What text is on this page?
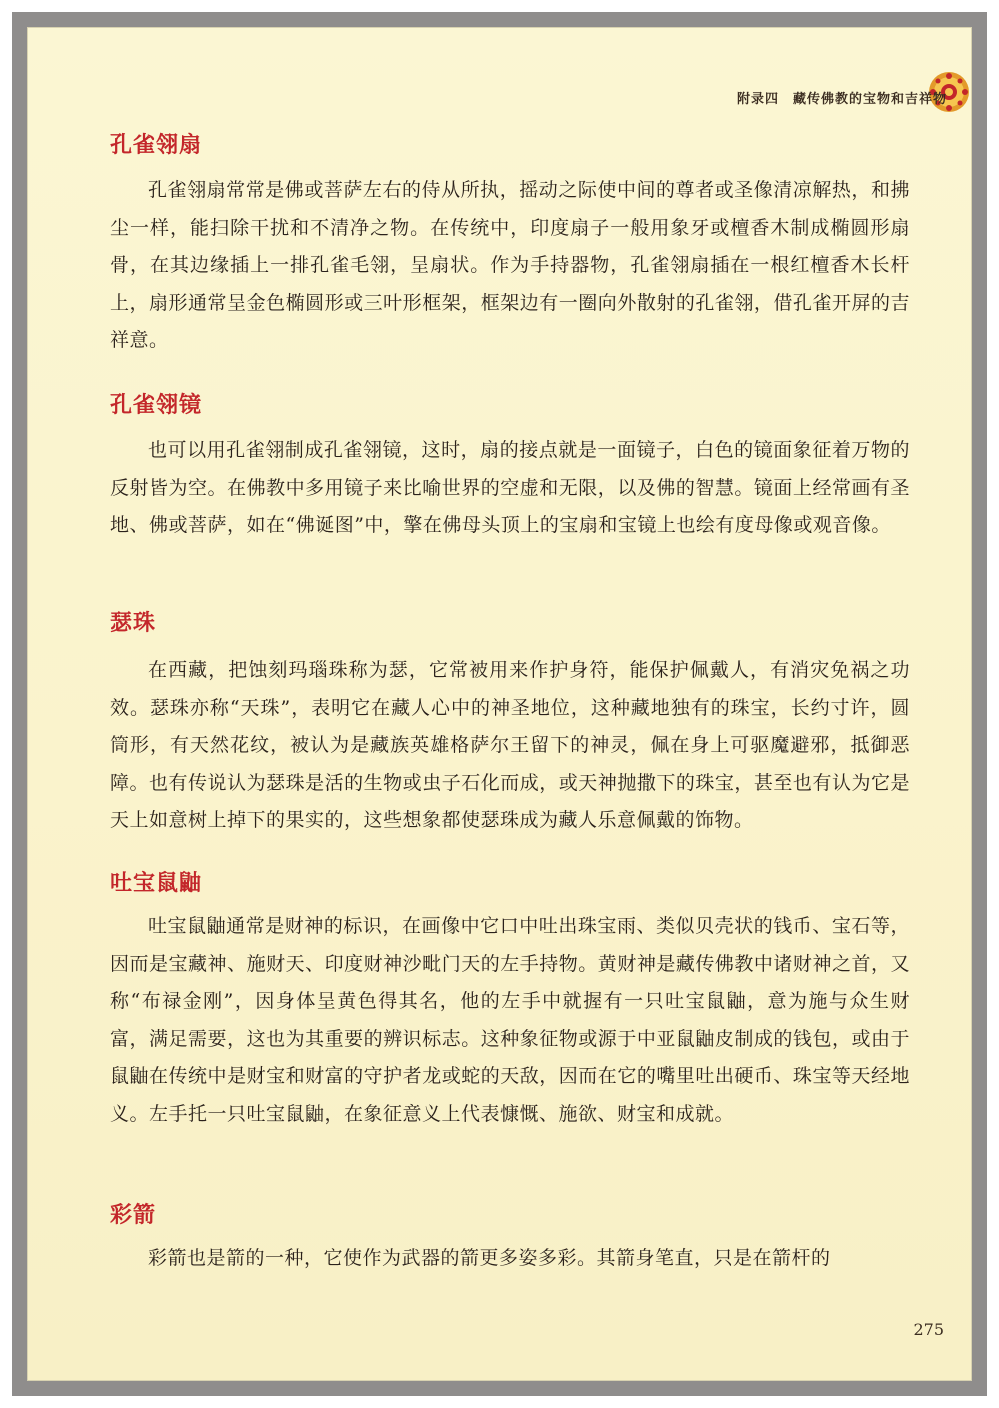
附录四 藏传佛教的宝物和吉祥物
孔雀翎扇

孔雀翎扇常常是佛或菩萨左右的侍从所执，摇动之际使中间的尊者或圣像清凉解热，和拂尘一样，能扫除干扰和不清净之物。在传统中，印度扇子一般用象牙或檀香木制成椭圆形扇骨，在其边缘插上一排孔雀毛翎，呈扇状。作为手持器物，孔雀翎扇插在一根红檀香木长杆上，扇形通常呈金色椭圆形或三叶形框架，框架边有一圈向外散射的孔雀翎，借孔雀开屏的吉祥意。

孔雀翎镜

也可以用孔雀翎制成孔雀翎镜，这时，扇的接点就是一面镜子，白色的镜面象征着万物的反射皆为空。在佛教中多用镜子来比喻世界的空虚和无限，以及佛的智慧。镜面上经常画有圣地、佛或菩萨，如在“佛诞图”中，擎在佛母头顶上的宝扇和宝镜上也绘有度母像或观音像。

瑟珠

在西藏，把蚀刻玛瑙珠称为瑟，它常被用来作护身符，能保护佩戴人，有消灾免祸之功效。瑟珠亦称“天珠”，表明它在藏人心中的神圣地位，这种藏地独有的珠宝，长约寸许，圆筒形，有天然花纹，被认为是藏族英雄格萨尔王留下的神灵，佩在身上可驱魔避邪，抵御恶障。也有传说认为瑟珠是活的生物或虫子石化而成，或天神抛撒下的珠宝，甚至也有认为它是天上如意树上掉下的果实的，这些想象都使瑟珠成为藏人乐意佩戴的饰物。

吐宝鼠鼬

吐宝鼠鼬通常是财神的标识，在画像中它口中吐出珠宝雨、类似贝壳状的钱币、宝石等，因而是宝藏神、施财天、印度财神沙毗门天的左手持物。黄财神是藏传佛教中诸财神之首，又称“布禄金刚”，因身体呈黄色得其名，他的左手中就握有一只吐宝鼠鼬，意为施与众生财富，满足需要，这也为其重要的辨识标志。这种象征物或源于中亚鼠鼬皮制成的钱包，或由于鼠鼬在传统中是财宝和财富的守护者龙或蛇的天敌，因而在它的嘴里吐出硬币、珠宝等天经地义。左手托一只吐宝鼠鼬，在象征意义上代表慷慨、施欲、财宝和成就。

彩箭

彩箭也是箭的一种，它使作为武器的箭更多姿多彩。其箭身笔直，只是在箭杆的

275
